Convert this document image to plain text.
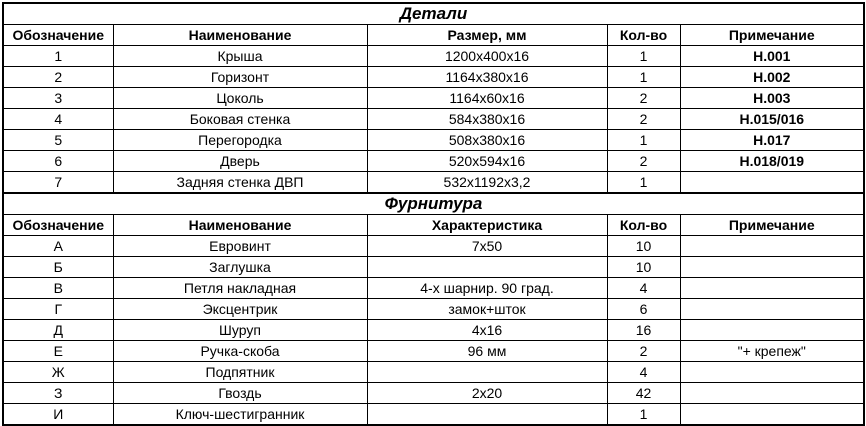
Детали				
Обозначение	Наименование	Размер, мм	Кол-во	Примечание
1	Крыша	1200x400x16	1	Н.001
2	Горизонт	1164x380x16	1	Н.002
3	Цоколь	1164x60x16	2	Н.003
4	Боковая стенка	584x380x16	2	Н.015/016
5	Перегородка	508x380x16	1	Н.017
6	Дверь	520x594x16	2	Н.018/019
7	Задняя стенка ДВП	532x1192x3,2	1	
Фурнитура				
Обозначение	Наименование	Характеристика	Кол-во	Примечание
А	Евровинт	7x50	10	
Б	Заглушка		10	
В	Петля накладная	4-х шарнир. 90 град.	4	
Г	Эксцентрик	замок+шток	6	
Д	Шуруп	4x16	16	
Е	Ручка-скоба	96 мм	2	"+ крепеж"
Ж	Подпятник		4	
З	Гвоздь	2x20	42	
И	Ключ-шестигранник		1	
